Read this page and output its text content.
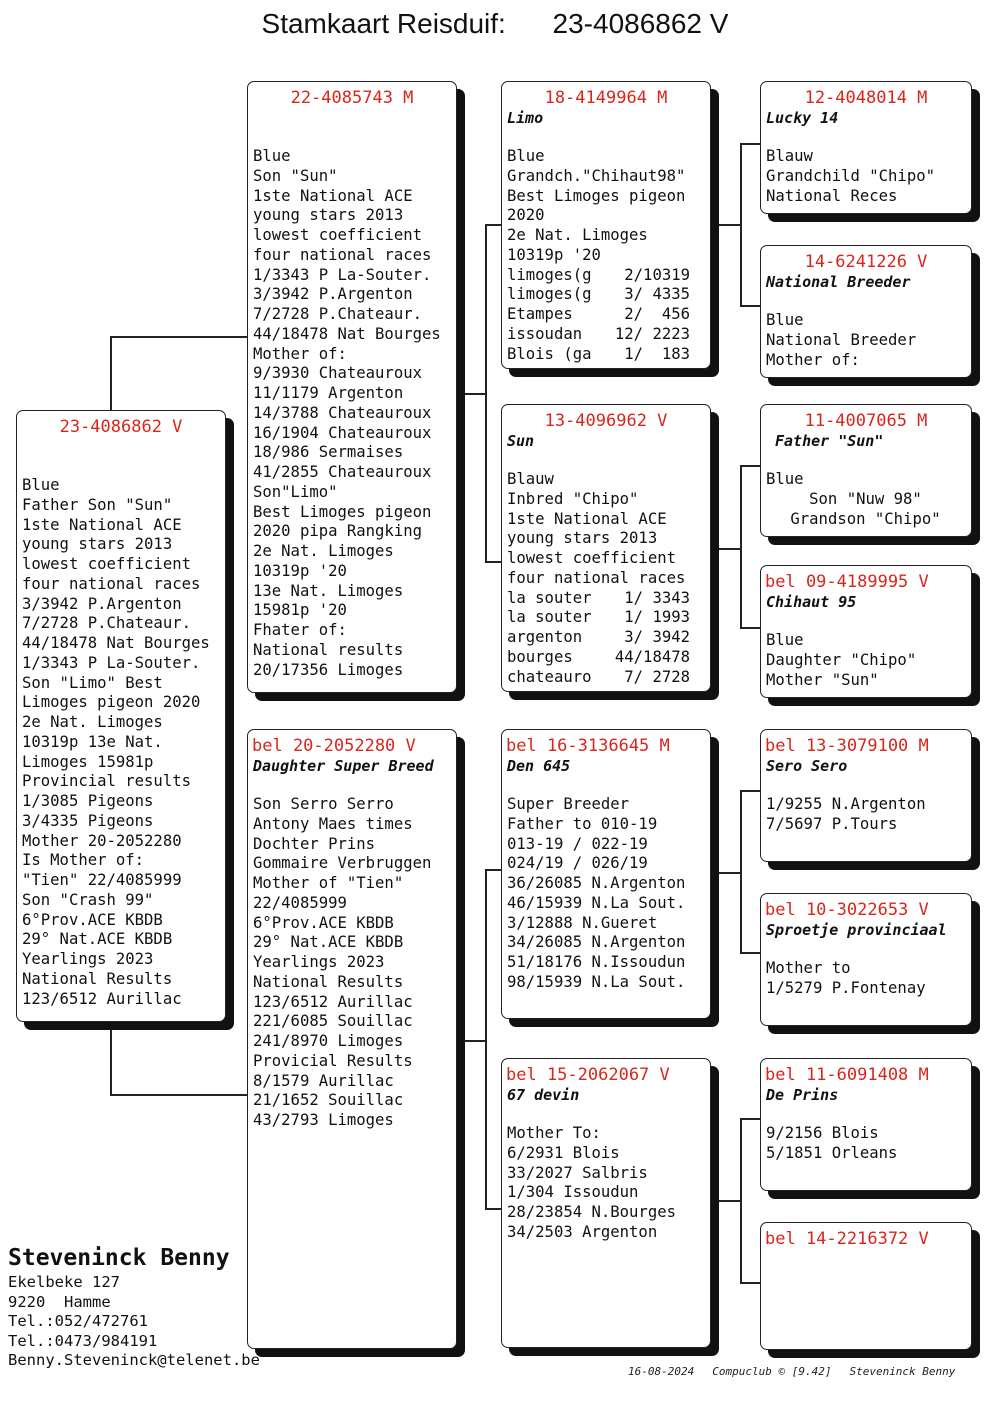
Stamkaart Reisduif: 23-4086862 V
23-4086862 V
Blue
Father Son "Sun"
1ste National ACE
young stars 2013
lowest coefficient
four national races
3/3942 P.Argenton
7/2728 P.Chateaur.
44/18478 Nat Bourges
1/3343 P La-Souter.
Son "Limo" Best
Limoges pigeon 2020
2e Nat. Limoges
10319p 13e Nat.
Limoges 15981p
Provincial results
1/3085 Pigeons
3/4335 Pigeons
Mother 20-2052280
Is Mother of:
"Tien" 22/4085999
Son "Crash 99"
6°Prov.ACE KBDB
29° Nat.ACE KBDB
Yearlings 2023
National Results
123/6512 Aurillac
22-4085743 M
Blue
Son "Sun"
1ste National ACE
young stars 2013
lowest coefficient
four national races
1/3343 P La-Souter.
3/3942 P.Argenton
7/2728 P.Chateaur.
44/18478 Nat Bourges
Mother of:
9/3930 Chateauroux
11/1179 Argenton
14/3788 Chateauroux
16/1904 Chateauroux
18/986 Sermaises
41/2855 Chateauroux
Son"Limo"
Best Limoges pigeon
2020 pipa Rangking
2e Nat. Limoges
10319p '20
13e Nat. Limoges
15981p '20
Fhater of:
National results
20/17356 Limoges
bel 20-2052280 V
Daughter Super Breed
Son Serro Serro
Antony Maes times
Dochter Prins
Gommaire Verbruggen
Mother of "Tien"
22/4085999
6°Prov.ACE KBDB
29° Nat.ACE KBDB
Yearlings 2023
National Results
123/6512 Aurillac
221/6085 Souillac
241/8970 Limoges
Provicial Results
8/1579 Aurillac
21/1652 Souillac
43/2793 Limoges
18-4149964 M
Limo
Blue
Grandch."Chihaut98"
Best Limoges pigeon
2020
2e Nat. Limoges
10319p '20
limoges(g	2/10319
limoges(g	3/ 4335
Etampes	2/  456
issoudan	12/ 2223
Blois (ga	1/  183
13-4096962 V
Sun
Blauw
Inbred "Chipo"
1ste National ACE
young stars 2013
lowest coefficient
four national races
la souter	1/ 3343
la souter	1/ 1993
argenton	3/ 3942
bourges	44/18478
chateauro	7/ 2728
bel 16-3136645 M
Den 645
Super Breeder
Father to 010-19
013-19 / 022-19
024/19 / 026/19
36/26085 N.Argenton
46/15939 N.La Sout.
3/12888 N.Gueret
34/26085 N.Argenton
51/18176 N.Issoudun
98/15939 N.La Sout.
bel 15-2062067 V
67 devin
Mother To:
6/2931 Blois
33/2027 Salbris
1/304 Issoudun
28/23854 N.Bourges
34/2503 Argenton
12-4048014 M
Lucky 14
Blauw
Grandchild "Chipo"
National Reces
14-6241226 V
National Breeder
Blue
National Breeder
Mother of:
11-4007065 M
Father "Sun"
Blue
Son "Nuw 98"
Grandson "Chipo"
bel 09-4189995 V
Chihaut 95
Blue
Daughter "Chipo"
Mother "Sun"
bel 13-3079100 M
Sero Sero
1/9255 N.Argenton
7/5697 P.Tours
bel 10-3022653 V
Sproetje provinciaal
Mother to
1/5279 P.Fontenay
bel 11-6091408 M
De Prins
9/2156 Blois
5/1851 Orleans
bel 14-2216372 V
Steveninck Benny
Ekelbeke 127
9220  Hamme
Tel.:052/472761
Tel.:0473/984191
Benny.Steveninck@telenet.be
16-08-2024 Compuclub © [9.42] Steveninck Benny
